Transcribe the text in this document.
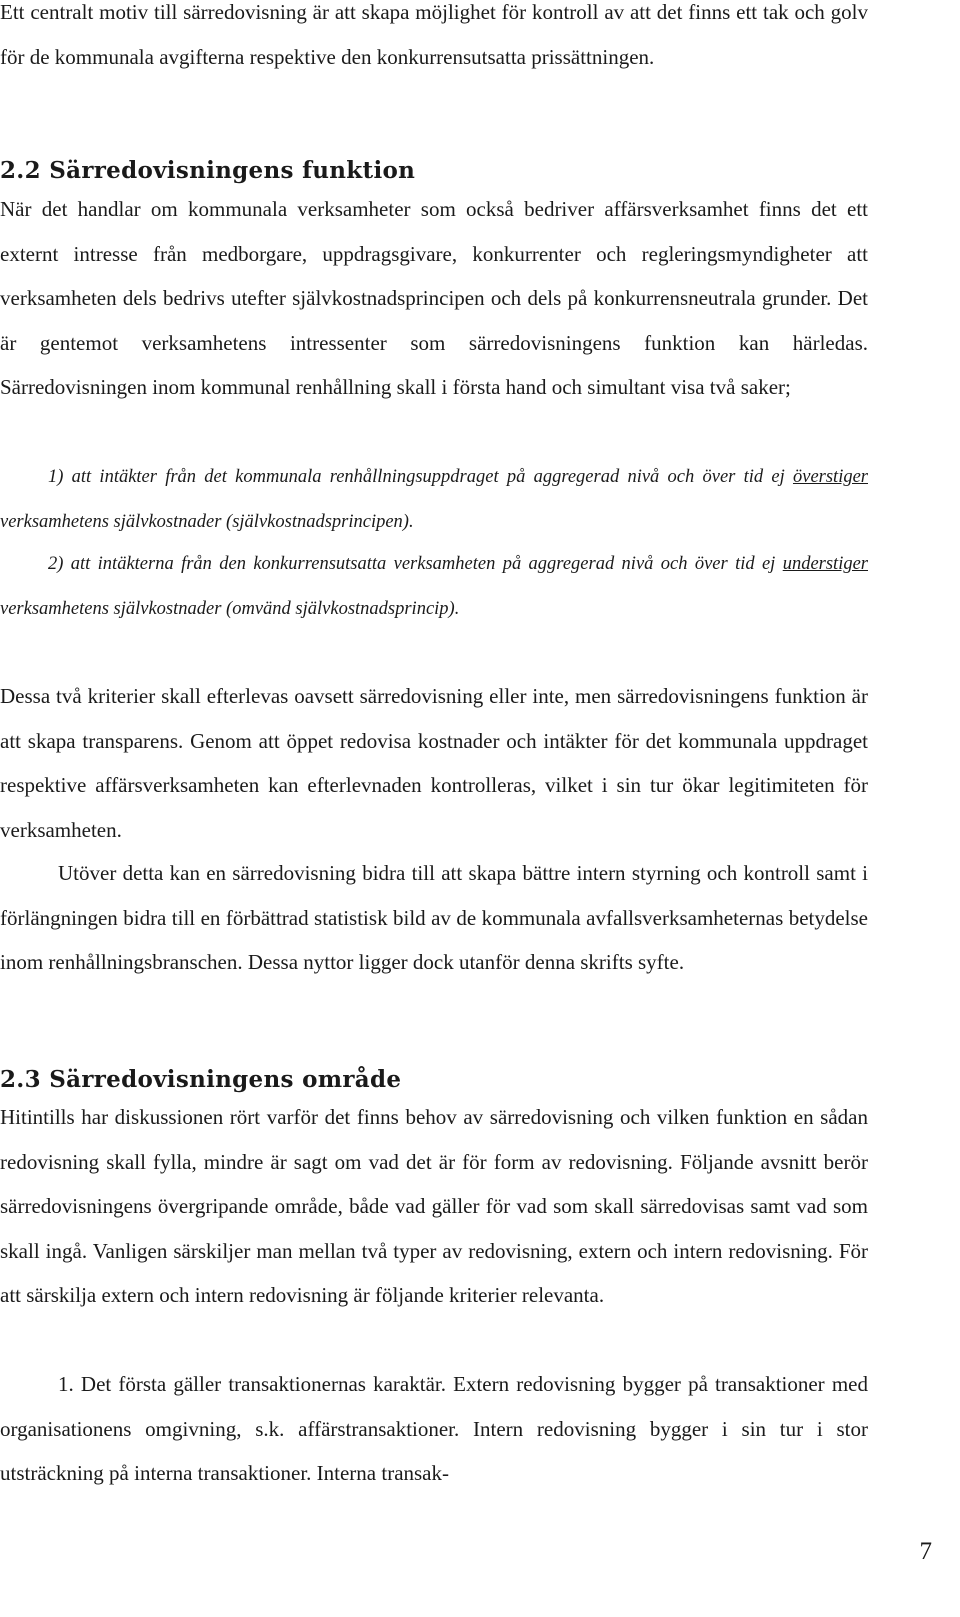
Ett centralt motiv till särredovisning är att skapa möjlighet för kontroll av att det finns ett tak och golv för de kommunala avgifterna respektive den konkurrensutsatta prissättningen.

2.2 Särredovisningens funktion

När det handlar om kommunala verksamheter som också bedriver affärsverksamhet finns det ett externt intresse från medborgare, uppdragsgivare, konkurrenter och regleringsmyndigheter att verksamheten dels bedrivs utefter självkostnadsprincipen och dels på konkurrensneutrala grunder. Det är gentemot verksamhetens intressenter som särredovisningens funktion kan härledas. Särredovisningen inom kommunal renhållning skall i första hand och simultant visa två saker;

1) att intäkter från det kommunala renhållningsuppdraget på aggregerad nivå och över tid ej överstiger verksamhetens självkostnader (självkostnadsprincipen).

2) att intäkterna från den konkurrensutsatta verksamheten på aggregerad nivå och över tid ej understiger verksamhetens självkostnader (omvänd självkostnadsprincip).

Dessa två kriterier skall efterlevas oavsett särredovisning eller inte, men särredovisningens funktion är att skapa transparens. Genom att öppet redovisa kostnader och intäkter för det kommunala uppdraget respektive affärsverksamheten kan efterlevnaden kontrolleras, vilket i sin tur ökar legitimiteten för verksamheten.

Utöver detta kan en särredovisning bidra till att skapa bättre intern styrning och kontroll samt i förlängningen bidra till en förbättrad statistisk bild av de kommunala avfallsverksamheternas betydelse inom renhållningsbranschen. Dessa nyttor ligger dock utanför denna skrifts syfte.

2.3 Särredovisningens område

Hitintills har diskussionen rört varför det finns behov av särredovisning och vilken funktion en sådan redovisning skall fylla, mindre är sagt om vad det är för form av redovisning. Följande avsnitt berör särredovisningens övergripande område, både vad gäller för vad som skall särredovisas samt vad som skall ingå. Vanligen särskiljer man mellan två typer av redovisning, extern och intern redovisning. För att särskilja extern och intern redovisning är följande kriterier relevanta.

1. Det första gäller transaktionernas karaktär. Extern redovisning bygger på transaktioner med organisationens omgivning, s.k. affärstransaktioner. Intern redovisning bygger i sin tur i stor utsträckning på interna transaktioner. Interna transak-

7
